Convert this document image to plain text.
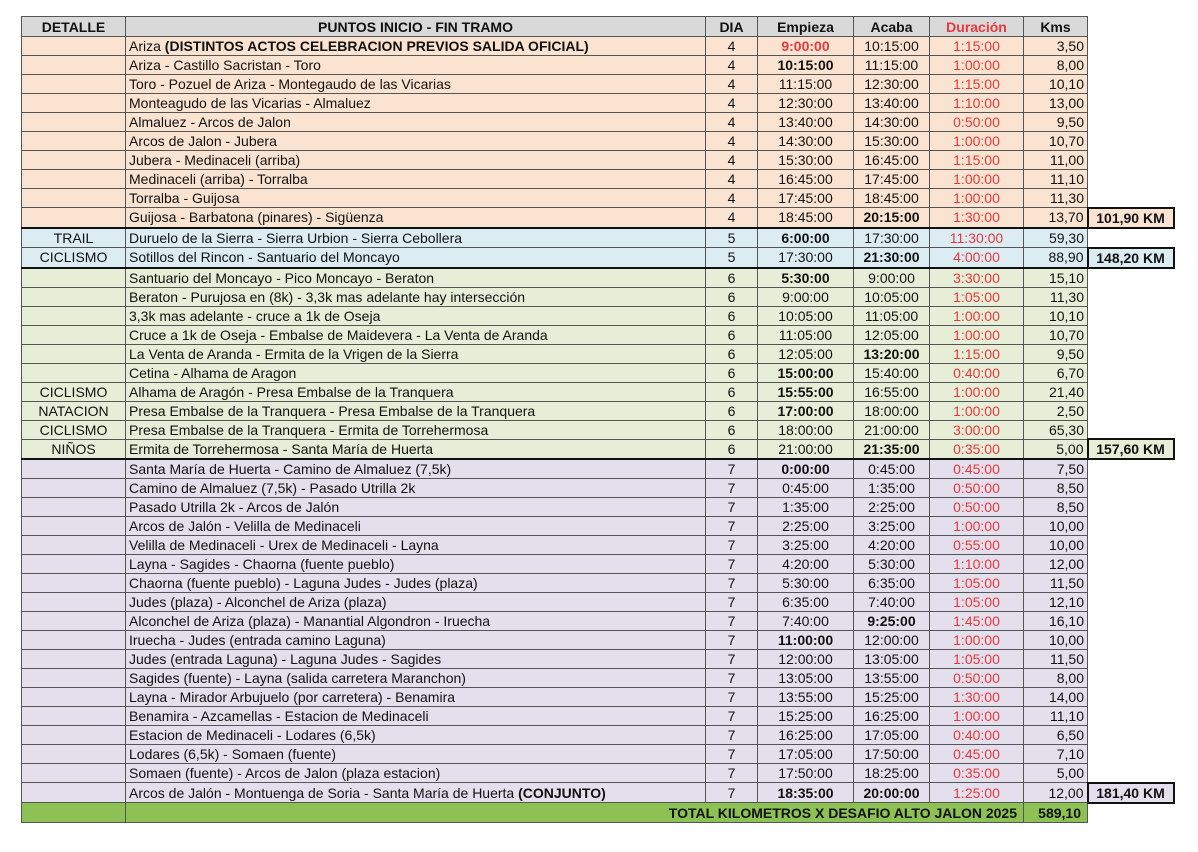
DETALLE	PUNTOS INICIO - FIN TRAMO	DIA	Empieza	Acaba	Duración	Kms	
	Ariza (DISTINTOS ACTOS CELEBRACION PREVIOS SALIDA OFICIAL)	4	9:00:00	10:15:00	1:15:00	3,50	
	Ariza - Castillo Sacristan - Toro	4	10:15:00	11:15:00	1:00:00	8,00	
	Toro - Pozuel de Ariza - Montegaudo de las Vicarias	4	11:15:00	12:30:00	1:15:00	10,10	
	Monteagudo de las Vicarias - Almaluez	4	12:30:00	13:40:00	1:10:00	13,00	
	Almaluez - Arcos de Jalon	4	13:40:00	14:30:00	0:50:00	9,50	
	Arcos de Jalon - Jubera	4	14:30:00	15:30:00	1:00:00	10,70	
	Jubera - Medinaceli (arriba)	4	15:30:00	16:45:00	1:15:00	11,00	
	Medinaceli (arriba) - Torralba	4	16:45:00	17:45:00	1:00:00	11,10	
	Torralba - Guijosa	4	17:45:00	18:45:00	1:00:00	11,30	
	Guijosa - Barbatona (pinares) - Sigüenza	4	18:45:00	20:15:00	1:30:00	13,70	101,90 KM
TRAIL	Duruelo de la Sierra - Sierra Urbion - Sierra Cebollera	5	6:00:00	17:30:00	11:30:00	59,30	
CICLISMO	Sotillos del Rincon - Santuario del Moncayo	5	17:30:00	21:30:00	4:00:00	88,90	148,20 KM
	Santuario del Moncayo - Pico Moncayo - Beraton	6	5:30:00	9:00:00	3:30:00	15,10	
	Beraton - Purujosa en (8k) - 3,3k mas adelante hay intersección	6	9:00:00	10:05:00	1:05:00	11,30	
	3,3k mas adelante - cruce a 1k de Oseja	6	10:05:00	11:05:00	1:00:00	10,10	
	Cruce a 1k de Oseja - Embalse de Maidevera - La Venta de Aranda	6	11:05:00	12:05:00	1:00:00	10,70	
	La Venta de Aranda - Ermita de la Vrigen de la Sierra	6	12:05:00	13:20:00	1:15:00	9,50	
	Cetina - Alhama de Aragon	6	15:00:00	15:40:00	0:40:00	6,70	
CICLISMO	Alhama de Aragón - Presa Embalse de la Tranquera	6	15:55:00	16:55:00	1:00:00	21,40	
NATACION	Presa Embalse de la Tranquera - Presa Embalse de la Tranquera	6	17:00:00	18:00:00	1:00:00	2,50	
CICLISMO	Presa Embalse de la Tranquera - Ermita de Torrehermosa	6	18:00:00	21:00:00	3:00:00	65,30	
NIÑOS	Ermita de Torrehermosa - Santa María de Huerta	6	21:00:00	21:35:00	0:35:00	5,00	157,60 KM
	Santa María de Huerta - Camino de Almaluez (7,5k)	7	0:00:00	0:45:00	0:45:00	7,50	
	Camino de Almaluez (7,5k) - Pasado Utrilla 2k	7	0:45:00	1:35:00	0:50:00	8,50	
	Pasado Utrilla 2k - Arcos de Jalón	7	1:35:00	2:25:00	0:50:00	8,50	
	Arcos de Jalón - Velilla de Medinaceli	7	2:25:00	3:25:00	1:00:00	10,00	
	Velilla de Medinaceli - Urex de Medinaceli - Layna	7	3:25:00	4:20:00	0:55:00	10,00	
	Layna - Sagides - Chaorna (fuente pueblo)	7	4:20:00	5:30:00	1:10:00	12,00	
	Chaorna (fuente pueblo) - Laguna Judes - Judes (plaza)	7	5:30:00	6:35:00	1:05:00	11,50	
	Judes (plaza) - Alconchel de Ariza (plaza)	7	6:35:00	7:40:00	1:05:00	12,10	
	Alconchel de Ariza (plaza) - Manantial Algondron - Iruecha	7	7:40:00	9:25:00	1:45:00	16,10	
	Iruecha - Judes (entrada camino Laguna)	7	11:00:00	12:00:00	1:00:00	10,00	
	Judes (entrada Laguna) - Laguna Judes - Sagides	7	12:00:00	13:05:00	1:05:00	11,50	
	Sagides (fuente) - Layna (salida carretera Maranchon)	7	13:05:00	13:55:00	0:50:00	8,00	
	Layna - Mirador Arbujuelo (por carretera) - Benamira	7	13:55:00	15:25:00	1:30:00	14,00	
	Benamira - Azcamellas - Estacion de Medinaceli	7	15:25:00	16:25:00	1:00:00	11,10	
	Estacion de Medinaceli - Lodares (6,5k)	7	16:25:00	17:05:00	0:40:00	6,50	
	Lodares (6,5k) - Somaen (fuente)	7	17:05:00	17:50:00	0:45:00	7,10	
	Somaen (fuente) - Arcos de Jalon (plaza estacion)	7	17:50:00	18:25:00	0:35:00	5,00	
	Arcos de Jalón - Montuenga de Soria - Santa María de Huerta (CONJUNTO)	7	18:35:00	20:00:00	1:25:00	12,00	181,40 KM
	TOTAL KILOMETROS X DESAFIO ALTO JALON 2025					589,10	
